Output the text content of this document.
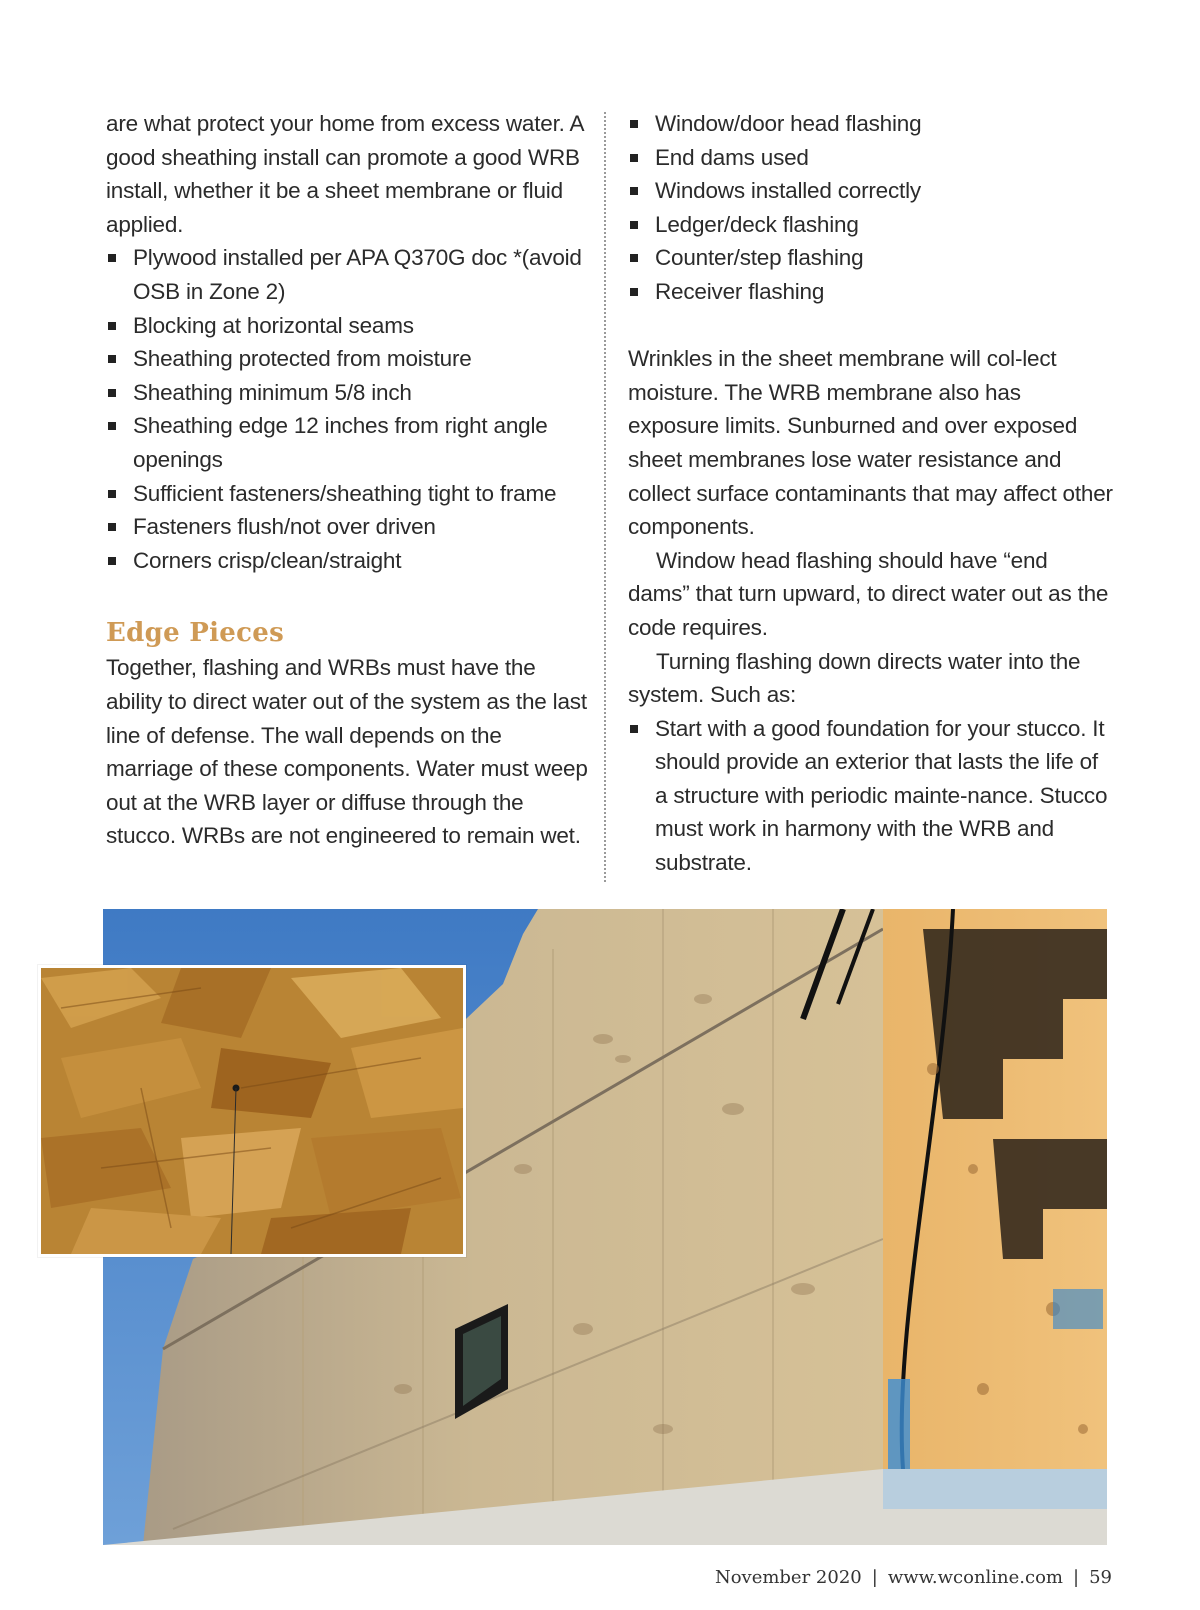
are what protect your home from excess water. A good sheathing install can promote a good WRB install, whether it be a sheet membrane or fluid applied.

Plywood installed per APA Q370G doc *(avoid OSB in Zone 2)
Blocking at horizontal seams
Sheathing protected from moisture
Sheathing minimum 5/8 inch
Sheathing edge 12 inches from right angle openings
Sufficient fasteners/sheathing tight to frame
Fasteners flush/not over driven
Corners crisp/clean/straight
Edge Pieces

Together, flashing and WRBs must have the ability to direct water out of the system as the last line of defense. The wall depends on the marriage of these components. Water must weep out at the WRB layer or diffuse through the stucco. WRBs are not engineered to remain wet.

Window/door head flashing
End dams used
Windows installed correctly
Ledger/deck flashing
Counter/step flashing
Receiver flashing

Wrinkles in the sheet membrane will col-lect moisture. The WRB membrane also has exposure limits. Sunburned and over exposed sheet membranes lose water resistance and collect surface contaminants that may affect other components.

Window head flashing should have “end dams” that turn upward, to direct water out as the code requires.

Turning flashing down directs water into the system. Such as:

Start with a good foundation for your stucco. It should provide an exterior that lasts the life of a structure with periodic mainte-nance. Stucco must work in harmony with the WRB and substrate.
November 2020 | www.wconline.com | 59
